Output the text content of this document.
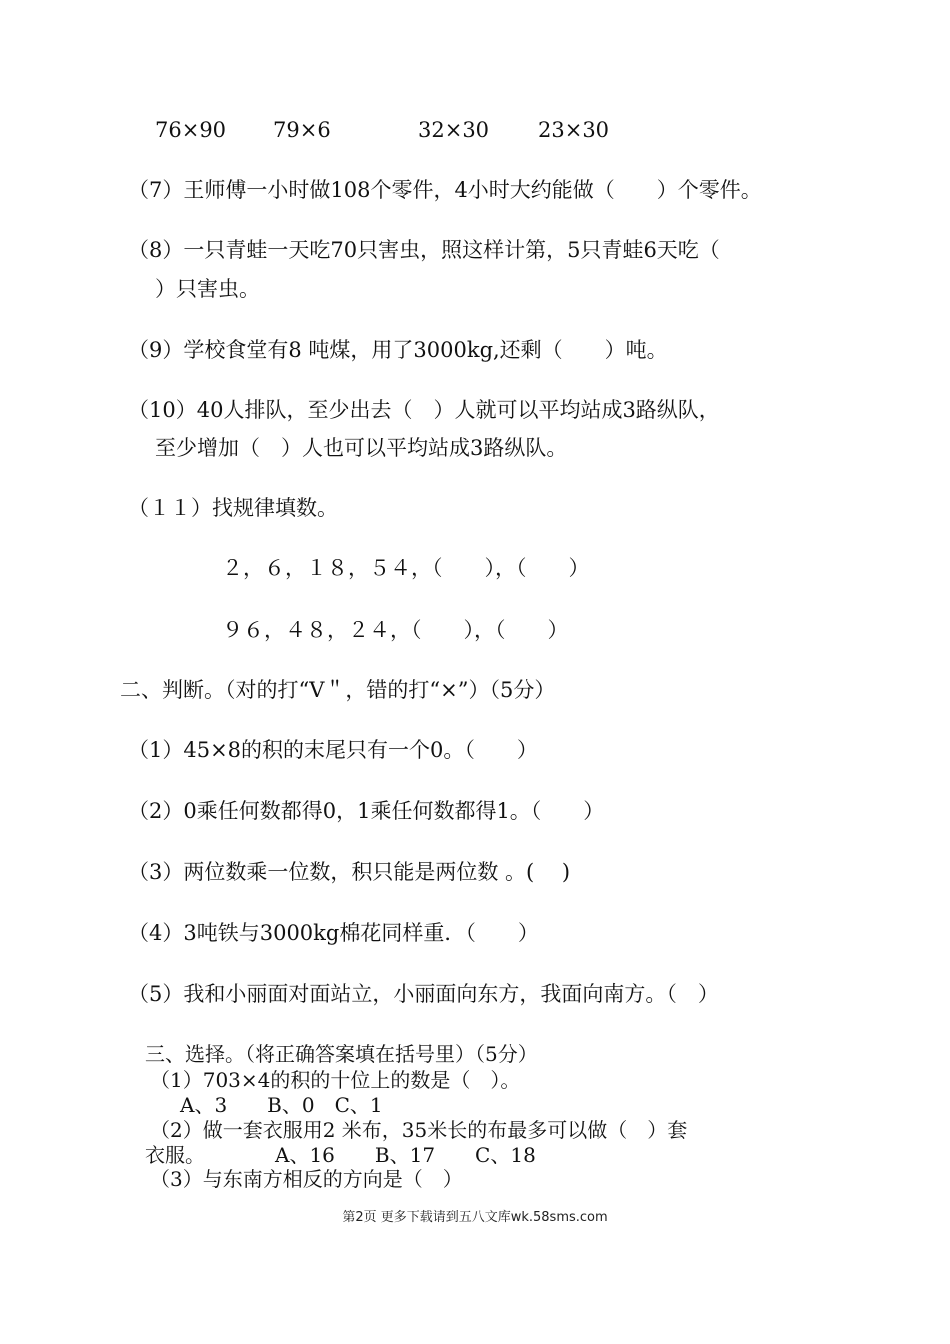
76×90 79×6	32×30 23×30
（7）王师傅一小时做108个零件，4小时大约能做（　　）个零件。
（8）一只青蛙一天吃70只害虫，照这样计第，5只青蛙6天吃（
）只害虫。
（9）学校食堂有8 吨煤，用了3000kg,还剩（　　）吨。
（10）40人排队，至少出去（　）人就可以平均站成3路纵队，
至少增加（　）人也可以平均站成3路纵队。
（１１）找规律填数。
２，６，１８，５４，（　　），（　　）
９６，４８，２４，（　　），（　　）
二、判断。（对的打“V＂，错的打“×”）（5分）
（1）45×8的积的末尾只有一个0。（　　）
（2）0乘任何数都得0，1乘任何数都得1。（　　）
（3）两位数乘一位数，积只能是两位数 。(　 )
（4）3吨铁与3000kg棉花同样重．（　　）
（5）我和小丽面对面站立，小丽面向东方，我面向南方。（　）
三、选择。（将正确答案填在括号里）（5分）
（1）703×4的积的十位上的数是（　）。
A、3　　B、0　C、1
（2）做一套衣服用2 米布，35米长的布最多可以做（　）套
衣服。　　　　A、16　　B、17　　C、18
（3）与东南方相反的方向是（　）
第2页 更多下载请到五八文库wk.58sms.com
